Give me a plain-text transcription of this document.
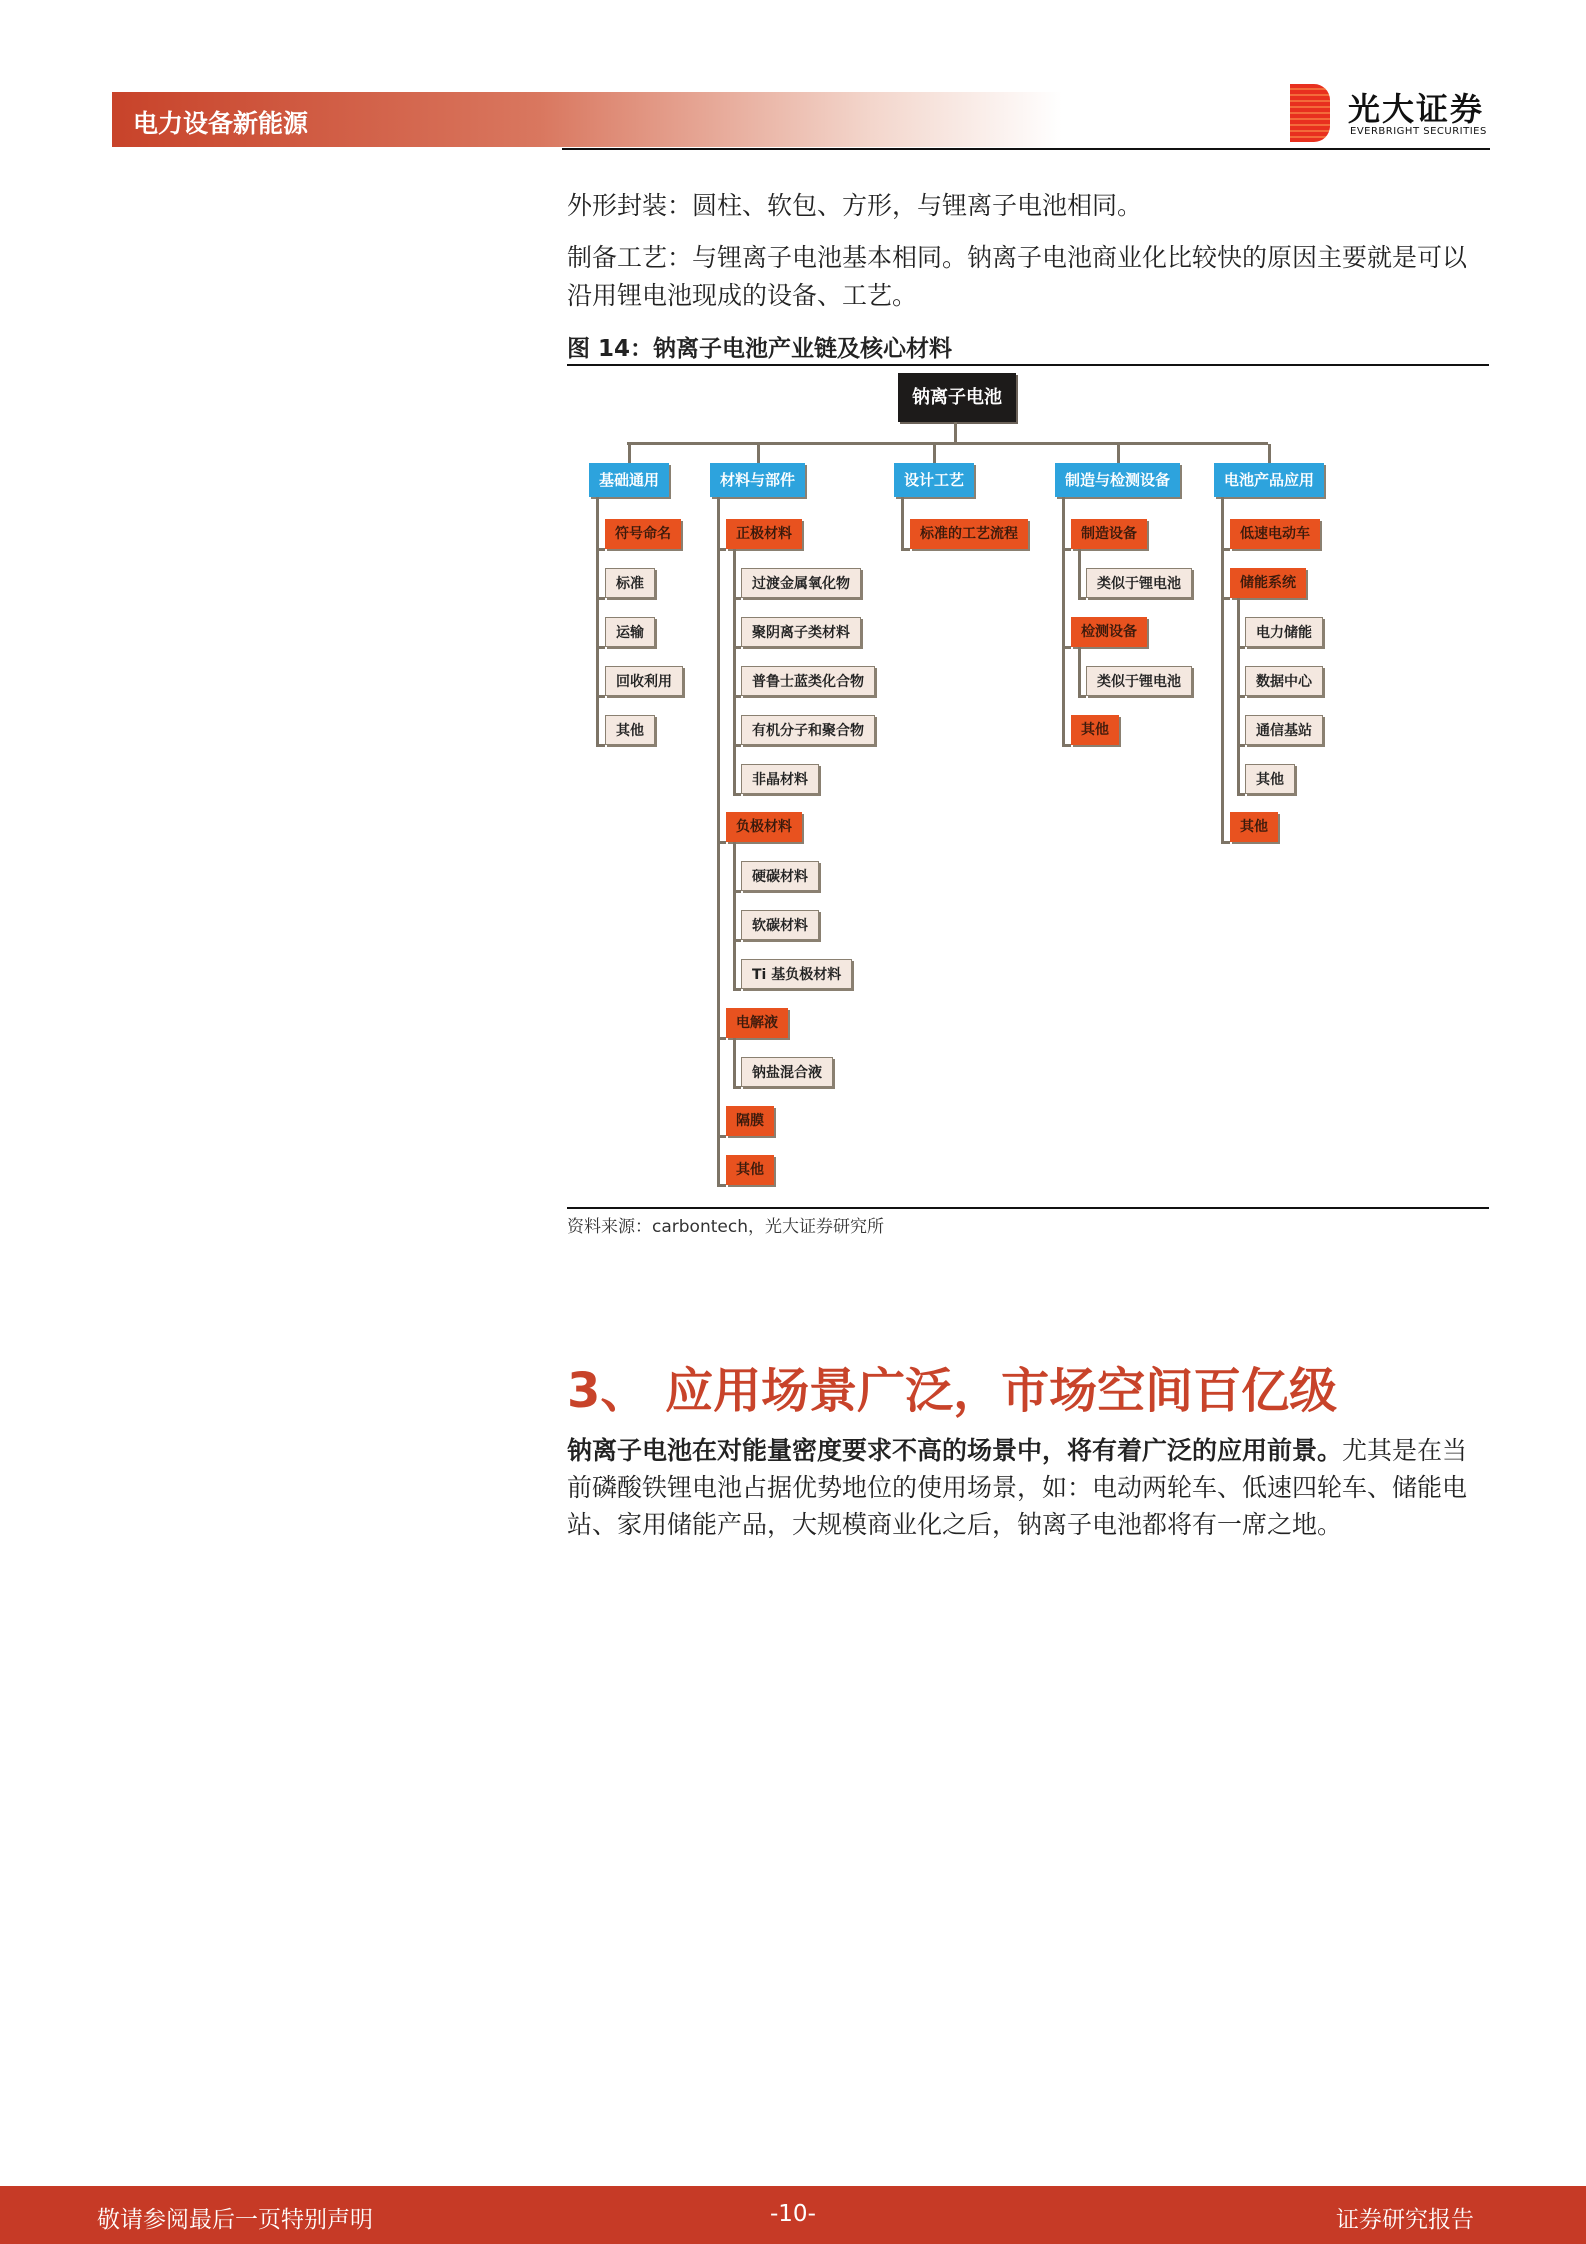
电力设备新能源	光大证券
EVERBRIGHT SECURITIES
外形封装：圆柱、软包、方形，与锂离子电池相同。
制备工艺：与锂离子电池基本相同。钠离子电池商业化比较快的原因主要就是可以沿用锂电池现成的设备、工艺。
图 14：钠离子电池产业链及核心材料
钠离子电池
基础通用
符号命名
标准
运输
回收利用
其他
材料与部件
正极材料
过渡金属氧化物
聚阴离子类材料
普鲁士蓝类化合物
有机分子和聚合物
非晶材料
负极材料
硬碳材料
软碳材料
Ti 基负极材料
电解液
钠盐混合液
隔膜
其他
设计工艺
标准的工艺流程
制造与检测设备
制造设备
类似于锂电池
检测设备
类似于锂电池
其他
电池产品应用
低速电动车
储能系统
电力储能
数据中心
通信基站
其他
其他
资料来源：carbontech，光大证券研究所
3、 应用场景广泛，市场空间百亿级
钠离子电池在对能量密度要求不高的场景中，将有着广泛的应用前景。尤其是在当前磷酸铁锂电池占据优势地位的使用场景，如：电动两轮车、低速四轮车、储能电站、家用储能产品，大规模商业化之后，钠离子电池都将有一席之地。
敬请参阅最后一页特别声明	-10-	证券研究报告
